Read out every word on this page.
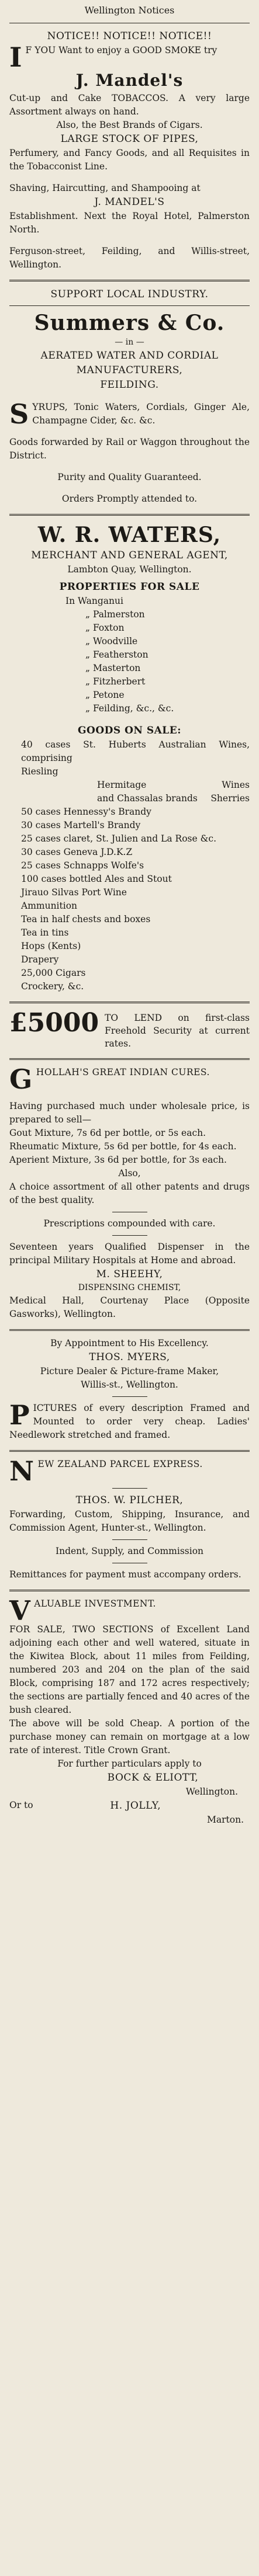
Wellington Notices
NOTICE!! NOTICE!! NOTICE!!
I F YOU Want to enjoy a GOOD SMOKE try
J. Mandel's
Cut-up and Cake TOBACCOS. A very large Assortment always on hand.
Also, the Best Brands of Cigars.
LARGE STOCK OF PIPES,
Perfumery, and Fancy Goods, and all Requisites in the Tobacconist Line.
Shaving, Haircutting, and Shampooing at
J. MANDEL'S
Establishment. Next the Royal Hotel, Palmerston North.
Ferguson-street, Feilding, and Willis-street, Wellington.
SUPPORT LOCAL INDUSTRY.
Summers & Co.
— in —
AERATED WATER AND CORDIAL MANUFACTURERS,
FEILDING.
SYRUPS, Tonic Waters, Cordials, Ginger Ale, Champagne Cider, &c. &c.
Goods forwarded by Rail or Waggon throughout the District.
Purity and Quality Guaranteed.
Orders Promptly attended to.
W. R. WATERS,
MERCHANT AND GENERAL AGENT,
Lambton Quay, Wellington.
PROPERTIES FOR SALE
In Wanganui
„ Palmerston
„ Foxton
„ Woodville
„ Featherston
„ Masterton
„ Fitzherbert
„ Petone
„ Feilding, &c., &c.
GOODS ON SALE:
40 cases St. Huberts Australian Wines, comprising
Riesling
Hermitage	Wines
and Chassalas brands Sherries
50 cases Hennessy's Brandy
30 cases Martell's Brandy
25 cases claret, St. Julien and La Rose &c.
30 cases Geneva J.D.K.Z
25 cases Schnapps Wolfe's
100 cases bottled Ales and Stout
Jirauo Silvas Port Wine
Ammunition
Tea in half chests and boxes
Tea in tins
Hops (Kents)
Drapery
25,000 Cigars
Crockery, &c.
£5000 TO LEND on first-class Freehold Security at current rates.
GHOLLAH'S GREAT INDIAN CURES.
Having purchased much under wholesale price, is prepared to sell—
Gout Mixture, 7s 6d per bottle, or 5s each.
Rheumatic Mixture, 5s 6d per bottle, for 4s each.
Aperient Mixture, 3s 6d per bottle, for 3s each.
Also,
A choice assortment of all other patents and drugs of the best quality.
Prescriptions compounded with care.
Seventeen years Qualified Dispenser in the principal Military Hospitals at Home and abroad.
M. SHEEHY,
DISPENSING CHEMIST,
Medical Hall, Courtenay Place (Opposite Gasworks), Wellington.
By Appointment to His Excellency.
THOS. MYERS,
Picture Dealer & Picture-frame Maker,
Willis-st., Wellington.
PICTURES of every description Framed and Mounted to order very cheap. Ladies' Needlework stretched and framed.
NEW ZEALAND PARCEL EXPRESS.
THOS. W. PILCHER,
Forwarding, Custom, Shipping, Insurance, and Commission Agent, Hunter-st., Wellington.
Indent, Supply, and Commission
Remittances for payment must accompany orders.
VALUABLE INVESTMENT.
FOR SALE, TWO SECTIONS of Excellent Land adjoining each other and well watered, situate in the Kiwitea Block, about 11 miles from Feilding, numbered 203 and 204 on the plan of the said Block, comprising 187 and 172 acres respectively; the sections are partially fenced and 40 acres of the bush cleared.
The above will be sold Cheap. A portion of the purchase money can remain on mortgage at a low rate of interest. Title Crown Grant.
For further particulars apply to
BOCK & ELIOTT,
Wellington.
Or to	H. JOLLY,
Marton.
